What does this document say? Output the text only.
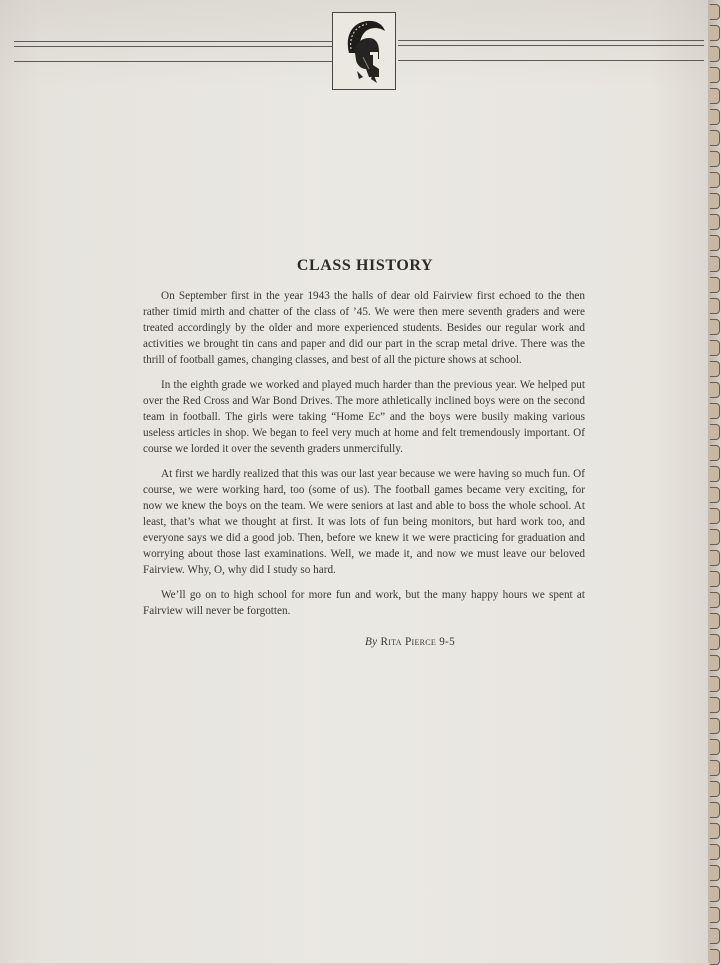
CLASS HISTORY

On September first in the year 1943 the halls of dear old Fairview first echoed to the then rather timid mirth and chatter of the class of ’45. We were then mere seventh graders and were treated accordingly by the older and more experienced students. Besides our regular work and activities we brought tin cans and paper and did our part in the scrap metal drive. There was the thrill of football games, changing classes, and best of all the picture shows at school.

In the eighth grade we worked and played much harder than the previous year. We helped put over the Red Cross and War Bond Drives. The more athletically inclined boys were on the second team in football. The girls were taking “Home Ec” and the boys were busily making various useless articles in shop. We began to feel very much at home and felt tremendously important. Of course we lorded it over the seventh graders unmercifully.

At first we hardly realized that this was our last year because we were having so much fun. Of course, we were working hard, too (some of us). The football games became very exciting, for now we knew the boys on the team. We were seniors at last and able to boss the whole school. At least, that’s what we thought at first. It was lots of fun being monitors, but hard work too, and everyone says we did a good job. Then, before we knew it we were practicing for graduation and worrying about those last examinations. Well, we made it, and now we must leave our beloved Fairview. Why, O, why did I study so hard.

We’ll go on to high school for more fun and work, but the many happy hours we spent at Fairview will never be forgotten.

By Rita Pierce 9-5
